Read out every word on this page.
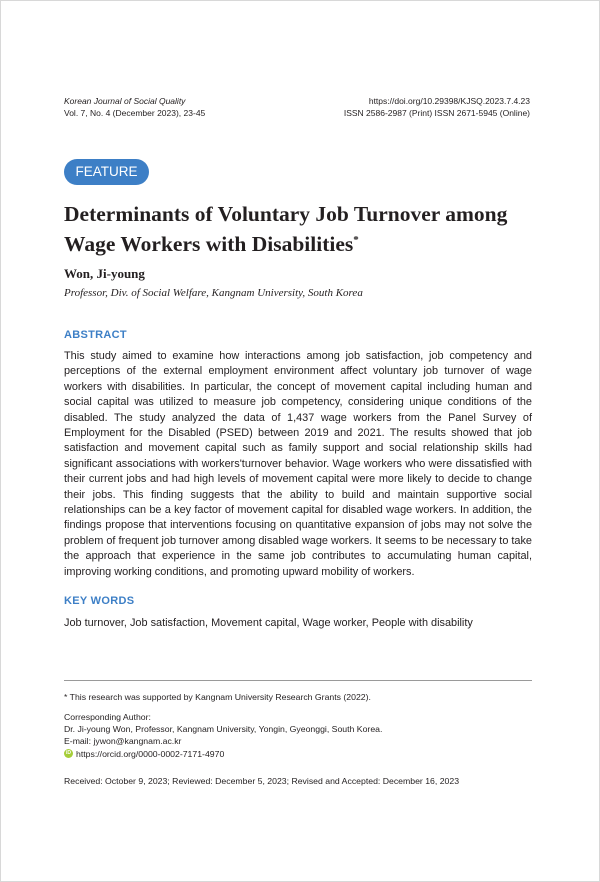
Korean Journal of Social Quality
Vol. 7, No. 4 (December 2023), 23-45
https://doi.org/10.29398/KJSQ.2023.7.4.23
ISSN 2586-2987 (Print) ISSN 2671-5945 (Online)
FEATURE
Determinants of Voluntary Job Turnover among Wage Workers with Disabilities*
Won, Ji-young
Professor, Div. of Social Welfare, Kangnam University, South Korea
ABSTRACT

This study aimed to examine how interactions among job satisfaction, job competency and perceptions of the external employment environment affect voluntary job turnover of wage workers with disabilities. In particular, the concept of movement capital including human and social capital was utilized to measure job competency, considering unique conditions of the disabled. The study analyzed the data of 1,437 wage workers from the Panel Survey of Employment for the Disabled (PSED) between 2019 and 2021. The results showed that job satisfaction and movement capital such as family support and social relationship skills had significant associations with workers'turnover behavior. Wage workers who were dissatisfied with their current jobs and had high levels of movement capital were more likely to decide to change their jobs. This finding suggests that the ability to build and maintain supportive social relationships can be a key factor of movement capital for disabled wage workers. In addition, the findings propose that interventions focusing on quantitative expansion of jobs may not solve the problem of frequent job turnover among disabled wage workers. It seems to be necessary to take the approach that experience in the same job contributes to accumulating human capital, improving working conditions, and promoting upward mobility of workers.

KEY WORDS
Job turnover, Job satisfaction, Movement capital, Wage worker, People with disability
* This research was supported by Kangnam University Research Grants (2022).
Corresponding Author:
Dr. Ji-young Won, Professor, Kangnam University, Yongin, Gyeonggi, South Korea.
E-mail: jywon@kangnam.ac.kr
iD https://orcid.org/0000-0002-7171-4970
Received: October 9, 2023; Reviewed: December 5, 2023; Revised and Accepted: December 16, 2023
